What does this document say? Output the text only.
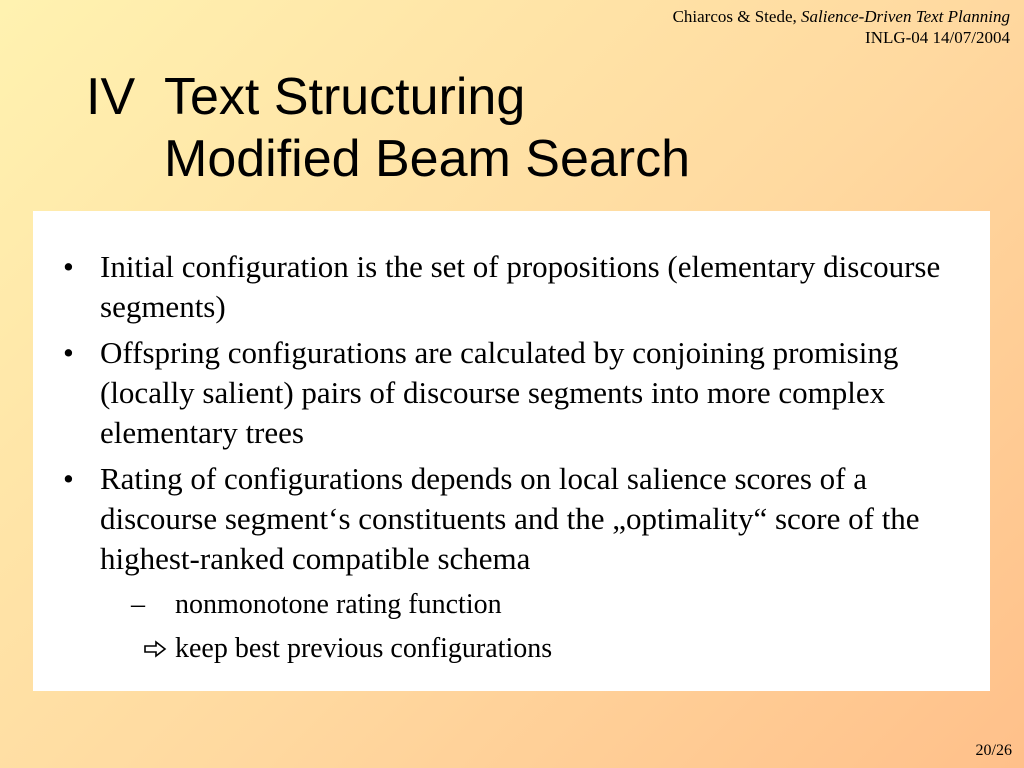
Chiarcos & Stede, Salience-Driven Text Planning
INLG-04 14/07/2004
IV Text Structuring
Modified Beam Search
• Initial configuration is the set of propositions (elementary discourse segments)
• Offspring configurations are calculated by conjoining promising (locally salient) pairs of discourse segments into more complex elementary trees
• Rating of configurations depends on local salience scores of a discourse segment‘s constituents and the „optimality“ score of the highest-ranked compatible schema
–	nonmonotone rating function
keep best previous configurations
20/26
